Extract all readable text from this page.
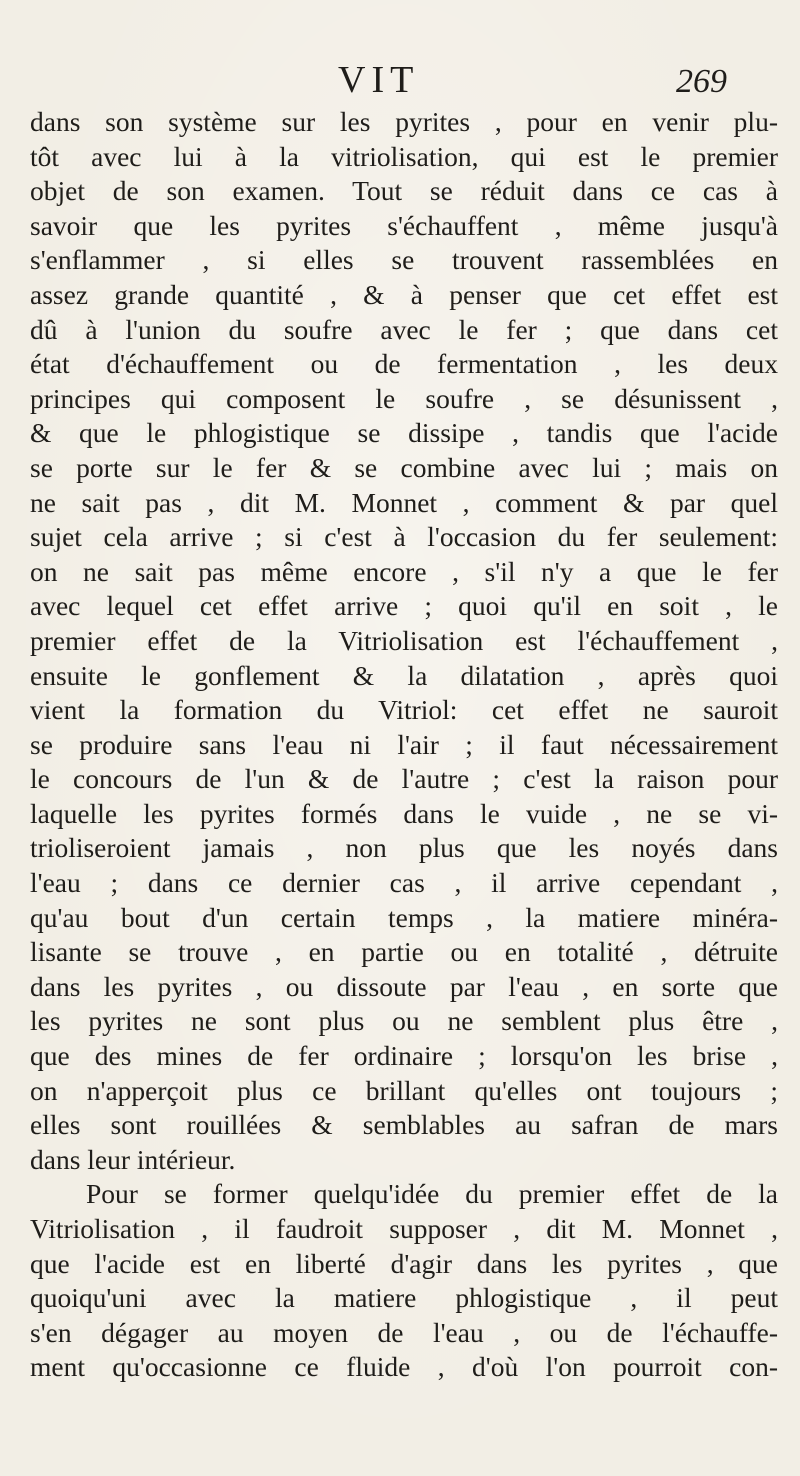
VIT	269
dans son système sur les pyrites , pour en venir plu-
tôt avec lui à la vitriolisation, qui est le premier
objet de son examen. Tout se réduit dans ce cas à
savoir que les pyrites s'échauffent , même jusqu'à
s'enflammer , si elles se trouvent rassemblées en
assez grande quantité , & à penser que cet effet est
dû à l'union du soufre avec le fer ; que dans cet
état d'échauffement ou de fermentation , les deux
principes qui composent le soufre , se désunissent ,
& que le phlogistique se dissipe , tandis que l'acide
se porte sur le fer & se combine avec lui ; mais on
ne sait pas , dit M. Monnet , comment & par quel
sujet cela arrive ; si c'est à l'occasion du fer seulement:
on ne sait pas même encore , s'il n'y a que le fer
avec lequel cet effet arrive ; quoi qu'il en soit , le
premier effet de la Vitriolisation est l'échauffement ,
ensuite le gonflement & la dilatation , après quoi
vient la formation du Vitriol: cet effet ne sauroit
se produire sans l'eau ni l'air ; il faut nécessairement
le concours de l'un & de l'autre ; c'est la raison pour
laquelle les pyrites formés dans le vuide , ne se vi-
trioliseroient jamais , non plus que les noyés dans
l'eau ; dans ce dernier cas , il arrive cependant ,
qu'au bout d'un certain temps , la matiere minéra-
lisante se trouve , en partie ou en totalité , détruite
dans les pyrites , ou dissoute par l'eau , en sorte que
les pyrites ne sont plus ou ne semblent plus être ,
que des mines de fer ordinaire ; lorsqu'on les brise ,
on n'apperçoit plus ce brillant qu'elles ont toujours ;
elles sont rouillées & semblables au safran de mars
dans leur intérieur.
Pour se former quelqu'idée du premier effet de la
Vitriolisation , il faudroit supposer , dit M. Monnet ,
que l'acide est en liberté d'agir dans les pyrites , que
quoiqu'uni avec la matiere phlogistique , il peut
s'en dégager au moyen de l'eau , ou de l'échauffe-
ment qu'occasionne ce fluide , d'où l'on pourroit con-
